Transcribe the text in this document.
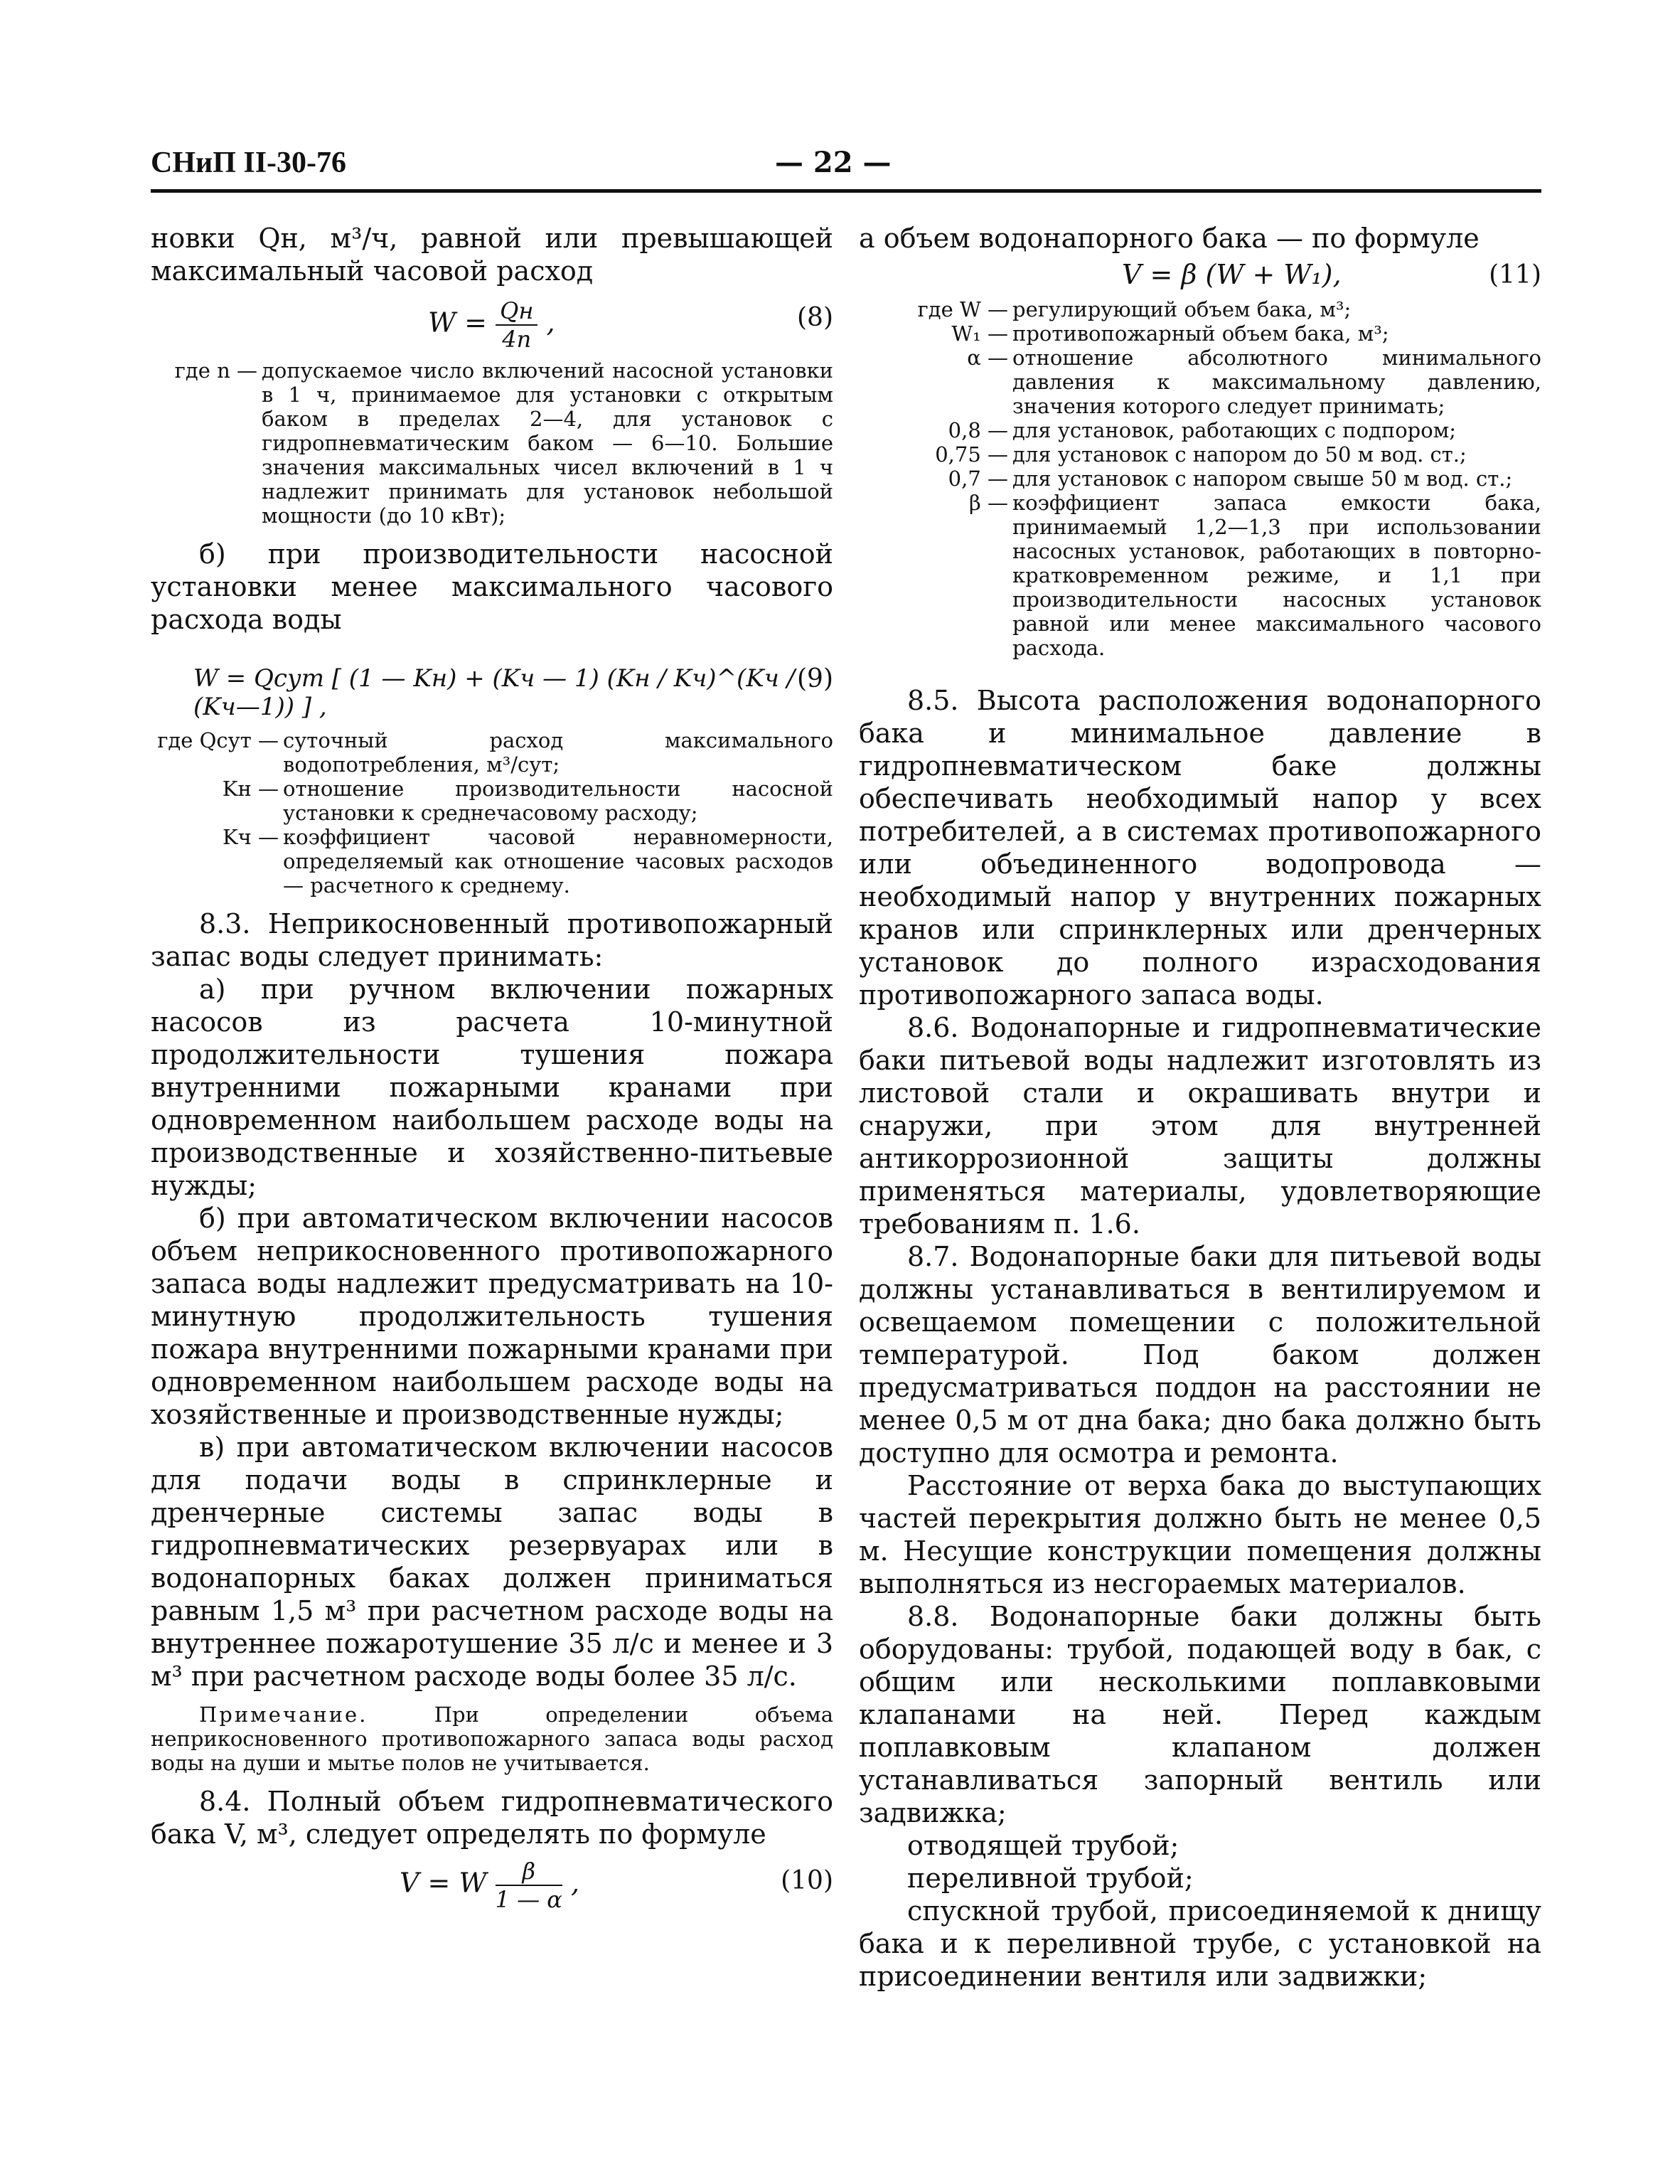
СНиП II-30-76	— 22 —

новки Qн, м³/ч, равной или превышающей максимальный часовой расход

$W = \frac{Qн}{4n}$ ,	(8)
где n — допускаемое число включений насосной установки в 1 ч, принимаемое для установки с открытым баком в пределах 2—4, для установок с гидропневматическим баком — 6—10. Большие значения максимальных чисел включений в 1 ч надлежит принимать для установок небольшой мощности (до 10 кВт);

б) при производительности насосной установки менее максимального часового расхода воды

W = Qсут [ (1 — Kн) + (Kч — 1) (Kн / Kч)^(Kч / (Kч—1)) ] ,
(9)
где Qсут — суточный расход максимального водопотребления, м³/сут;
Kн — отношение производительности насосной установки к среднечасовому расходу;
Kч — коэффициент часовой неравномерности, определяемый как отношение часовых расходов — расчетного к среднему.

8.3. Неприкосновенный противопожарный запас воды следует принимать:

а) при ручном включении пожарных насосов из расчета 10-минутной продолжительности тушения пожара внутренними пожарными кранами при одновременном наибольшем расходе воды на производственные и хозяйственно-питьевые нужды;

б) при автоматическом включении насосов объем неприкосновенного противопожарного запаса воды надлежит предусматривать на 10-минутную продолжительность тушения пожара внутренними пожарными кранами при одновременном наибольшем расходе воды на хозяйственные и производственные нужды;

в) при автоматическом включении насосов для подачи воды в спринклерные и дренчерные системы запас воды в гидропневматических резервуарах или в водонапорных баках должен приниматься равным 1,5 м³ при расчетном расходе воды на внутреннее пожаротушение 35 л/с и менее и 3 м³ при расчетном расходе воды более 35 л/с.

Примечание.	При определении объема неприкосновенного противопожарного запаса воды расход воды на души и мытье полов не учитывается.

8.4. Полный объем гидропневматического бака V, м³, следует определять по формуле

V = W $\frac{\beta}{1 — \alpha}$ ,	(10)

а объем водонапорного бака — по формуле

V = β (W + W₁),	(11)
где W — регулирующий объем бака, м³;
W₁ — противопожарный объем бака, м³;
α — отношение абсолютного минимального давления к максимальному давлению, значения которого следует принимать;
0,8 — для установок, работающих с подпором;
0,75 — для установок с напором до 50 м вод. ст.;
0,7 — для установок с напором свыше 50 м вод. ст.;
β — коэффициент запаса емкости бака, принимаемый 1,2—1,3 при использовании насосных установок, работающих в повторно-кратковременном режиме, и 1,1 при производительности насосных установок равной или менее максимального часового расхода.

8.5. Высота расположения водонапорного бака и минимальное давление в гидропневматическом баке должны обеспечивать необходимый напор у всех потребителей, а в системах противопожарного или объединенного водопровода — необходимый напор у внутренних пожарных кранов или спринклерных или дренчерных установок до полного израсходования противопожарного запаса воды.

8.6. Водонапорные и гидропневматические баки питьевой воды надлежит изготовлять из листовой стали и окрашивать внутри и снаружи, при этом для внутренней антикоррозионной защиты должны применяться материалы, удовлетворяющие требованиям п. 1.6.

8.7. Водонапорные баки для питьевой воды должны устанавливаться в вентилируемом и освещаемом помещении с положительной температурой. Под баком должен предусматриваться поддон на расстоянии не менее 0,5 м от дна бака; дно бака должно быть доступно для осмотра и ремонта.

Расстояние от верха бака до выступающих частей перекрытия должно быть не менее 0,5 м. Несущие конструкции помещения должны выполняться из несгораемых материалов.

8.8. Водонапорные баки должны быть оборудованы: трубой, подающей воду в бак, с общим или несколькими поплавковыми клапанами на ней. Перед каждым поплавковым клапаном должен устанавливаться запорный вентиль или задвижка;

отводящей трубой;

переливной трубой;

спускной трубой, присоединяемой к днищу бака и к переливной трубе, с установкой на присоединении вентиля или задвижки;
